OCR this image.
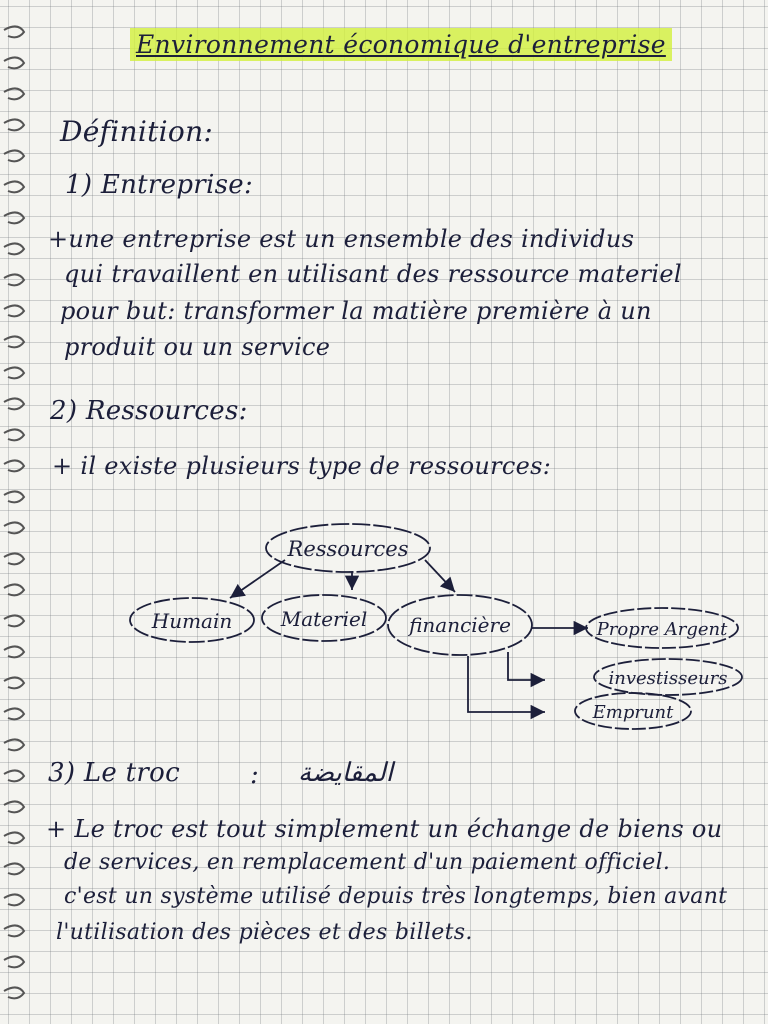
Environnement économique d'entreprise
Définition:
1) Entreprise:
+une entreprise est un ensemble des individus
qui travaillent en utilisant des ressource materiel
pour but: transformer la matière première à un
produit ou un service
2) Ressources:
+ il existe plusieurs type de ressources:
Ressources
Humain Materiel financière	Propre Argent
investisseurs
Emprunt
3) Le troc	: المقايضة
+ Le troc est tout simplement un échange de biens ou
de services, en remplacement d'un paiement officiel.
c'est un système utilisé depuis très longtemps, bien avant
l'utilisation des pièces et des billets.
